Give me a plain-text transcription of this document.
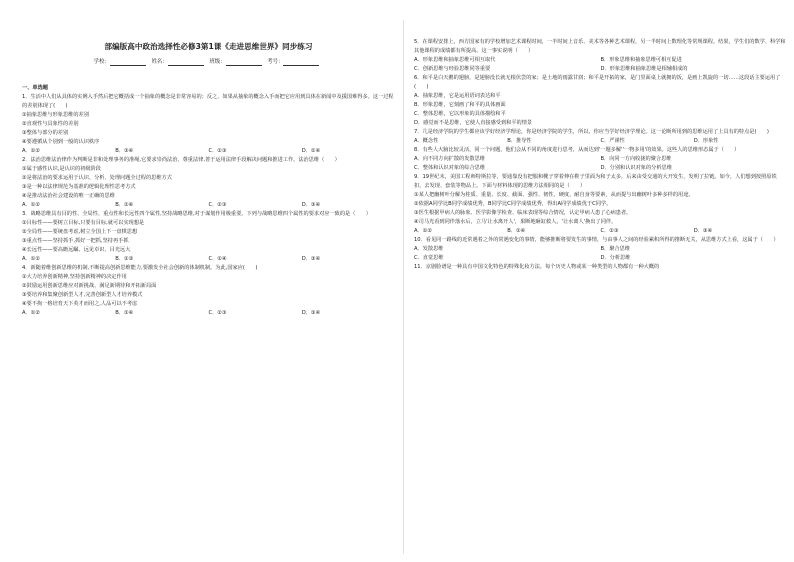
部编版高中政治选择性必修3第1课《走进思维世界》同步练习
学校：	姓名：	班级：	考号：
一、单选题
1．生活中人们从具体的实例入手然后把它概括成一个抽象的概念是非常容易的；反之，如果从抽象的概念入手而把它应用到具体在新闻中及援国难得多。这一过程的差别体现了(　　)
①抽象思维与形象思维的差别
②直观性与具象性的差别
③整体与部分的差别
④要遵循从个别到一般的认识秩序
A．①②	B．③④	C．②③	D．①④
2．法治思维法治律作为判断是非和处理事务的准绳,它要求崇尚法治、尊重法律,善于运用法律手段解决问题和推进工作。法治思维（　　）
①属于感性认识,是认识的初级阶段
②是将法治的要求运用于认识、分析、处理问题全过程的思维方式
③是一种以法律规范为基准的逻辑化理性思考方式
④是推动法治社会建设的唯一正确的思维
A．①②	B．①④	C．②③	D．③④
3．战略思维具有目的性、全局性、重点性和长远性四个属性,坚持战略思维,对于谋划作用极重要。下列与战略思维四个属性的要求对应一致的是（　　）
①目标性——要树立目标,只要有目标,就可以实现想是
②全局性——要统盘考虑,树立全国上下一盘棋思想
③重点性——坚持抓手,抓好一把抓,坚持再手抓
④长远性——要高瞻远瞩、远见卓识、目光远大
A．①②	B．①③	C．②④	D．③④
4．新随着维创新思维的机制,不断提高创新思维能力,要激发全社会创新的体制机制。为此,国家应(　　)
①大力培养创新精神,坚持创新精神的决定作用
②鼓励运用创新思维应对新挑战、满足新期待和开拓新局面
③要培养和集聚创新型人才,完善创新型人才培养模式
④要不拘一格培育天下英才而用之,人品可以不考虑
A．①②	B．①④	C．②③	D．③④
5．在课程安排上，西方国家有的学校增加艺术课程时间，一半时间上音乐、美术等各种艺术课程，另一半时间上数理化等常规课程。结果，学生们的数学、科学和其他课程的成绩都有所提高。这一事实说明（　　）
A．形象思维和抽象思维可相互取代	B．形象思维和抽象思维可相互促进
C．创新思维与经验思维同等重要	D．形象思维和抽象思维是相辅相成的
6．和平是白天鹅的翅膀，是翅膀没长就无根伏尝的家；是土地的雨露甘润；和平是开拓的家，是门里面桌上就拥的饭，是画上凯旋的一切……这段话主要运用了(　　)
A．抽象思维，它是运用语词表达和平
B．形象思维，它刻画了和平的具体画面
C．整体思维，它以形象的具体描绘和平
D．感觉而不是思维，它使人直接感受到和平的情景
7．几是经济学院的学生都应该学好经济学理论，你是经济学院的学生，所以，你应当学好经济学理论。这一论断所用到的思维运用了上具有的特点是(　　)
A．概念性	B．推导性	C．严谨性	D．形象性
8．有些人大脑比较灵活，同一个问题，他们会从不同的角度进行思考，从而达到'一题多解''一物多用'的效果。这些人的思维形态属于（　　）
A．向不同方向扩散的发散思维	B．向同一方向收拢的聚合思维
C．整体和认识对象的综合思维	D．分别和认识对象的分析思维
9．19世纪末，美国工程师特斯拉等，要通靠没有把服和靴子穿着伸在鞋子里面为和子太多，后来由受交通的大开发生，发明了拉链。如今，人们想到按照原铁扣，去发现、套装等物品上。下面与材料体现的思维方法相同的是（　　）
①某人把幽树叶分解为桂质、重量、长度、截面、强性、韧性、硬度、耐自身等要素，从而提与出幽树叶多种多样的用途。
②依据A同学比B同学成绩优秀，B同学比C同学成绩优秀，得出A同学成绩优于C同学。
③医生根据甲病人的脉象、医学影像学检查、临床表现等综合情况，认定甲病人患了心病患者。
④司马光看到同伴落水后，立马'让水离开人'，果断地砸缸救人，'让水离人'换出了同伴。
A．①②	B．①④	C．②③	D．③④
10．看见同一路线的近常遇着之外的常遇变化的事情，能够推断将要发生的事情，与由事人之间的经验累积所得的推断无关，从思维方式上看，这属于（　　）
A．发散思维	B．聚合思维
C．直觉思维	D．分析思维
11．京剧脸谱是一种具有中国文化特色的特殊化妆方法。每个历史人物或某一种类型的人物都有一种大概的
